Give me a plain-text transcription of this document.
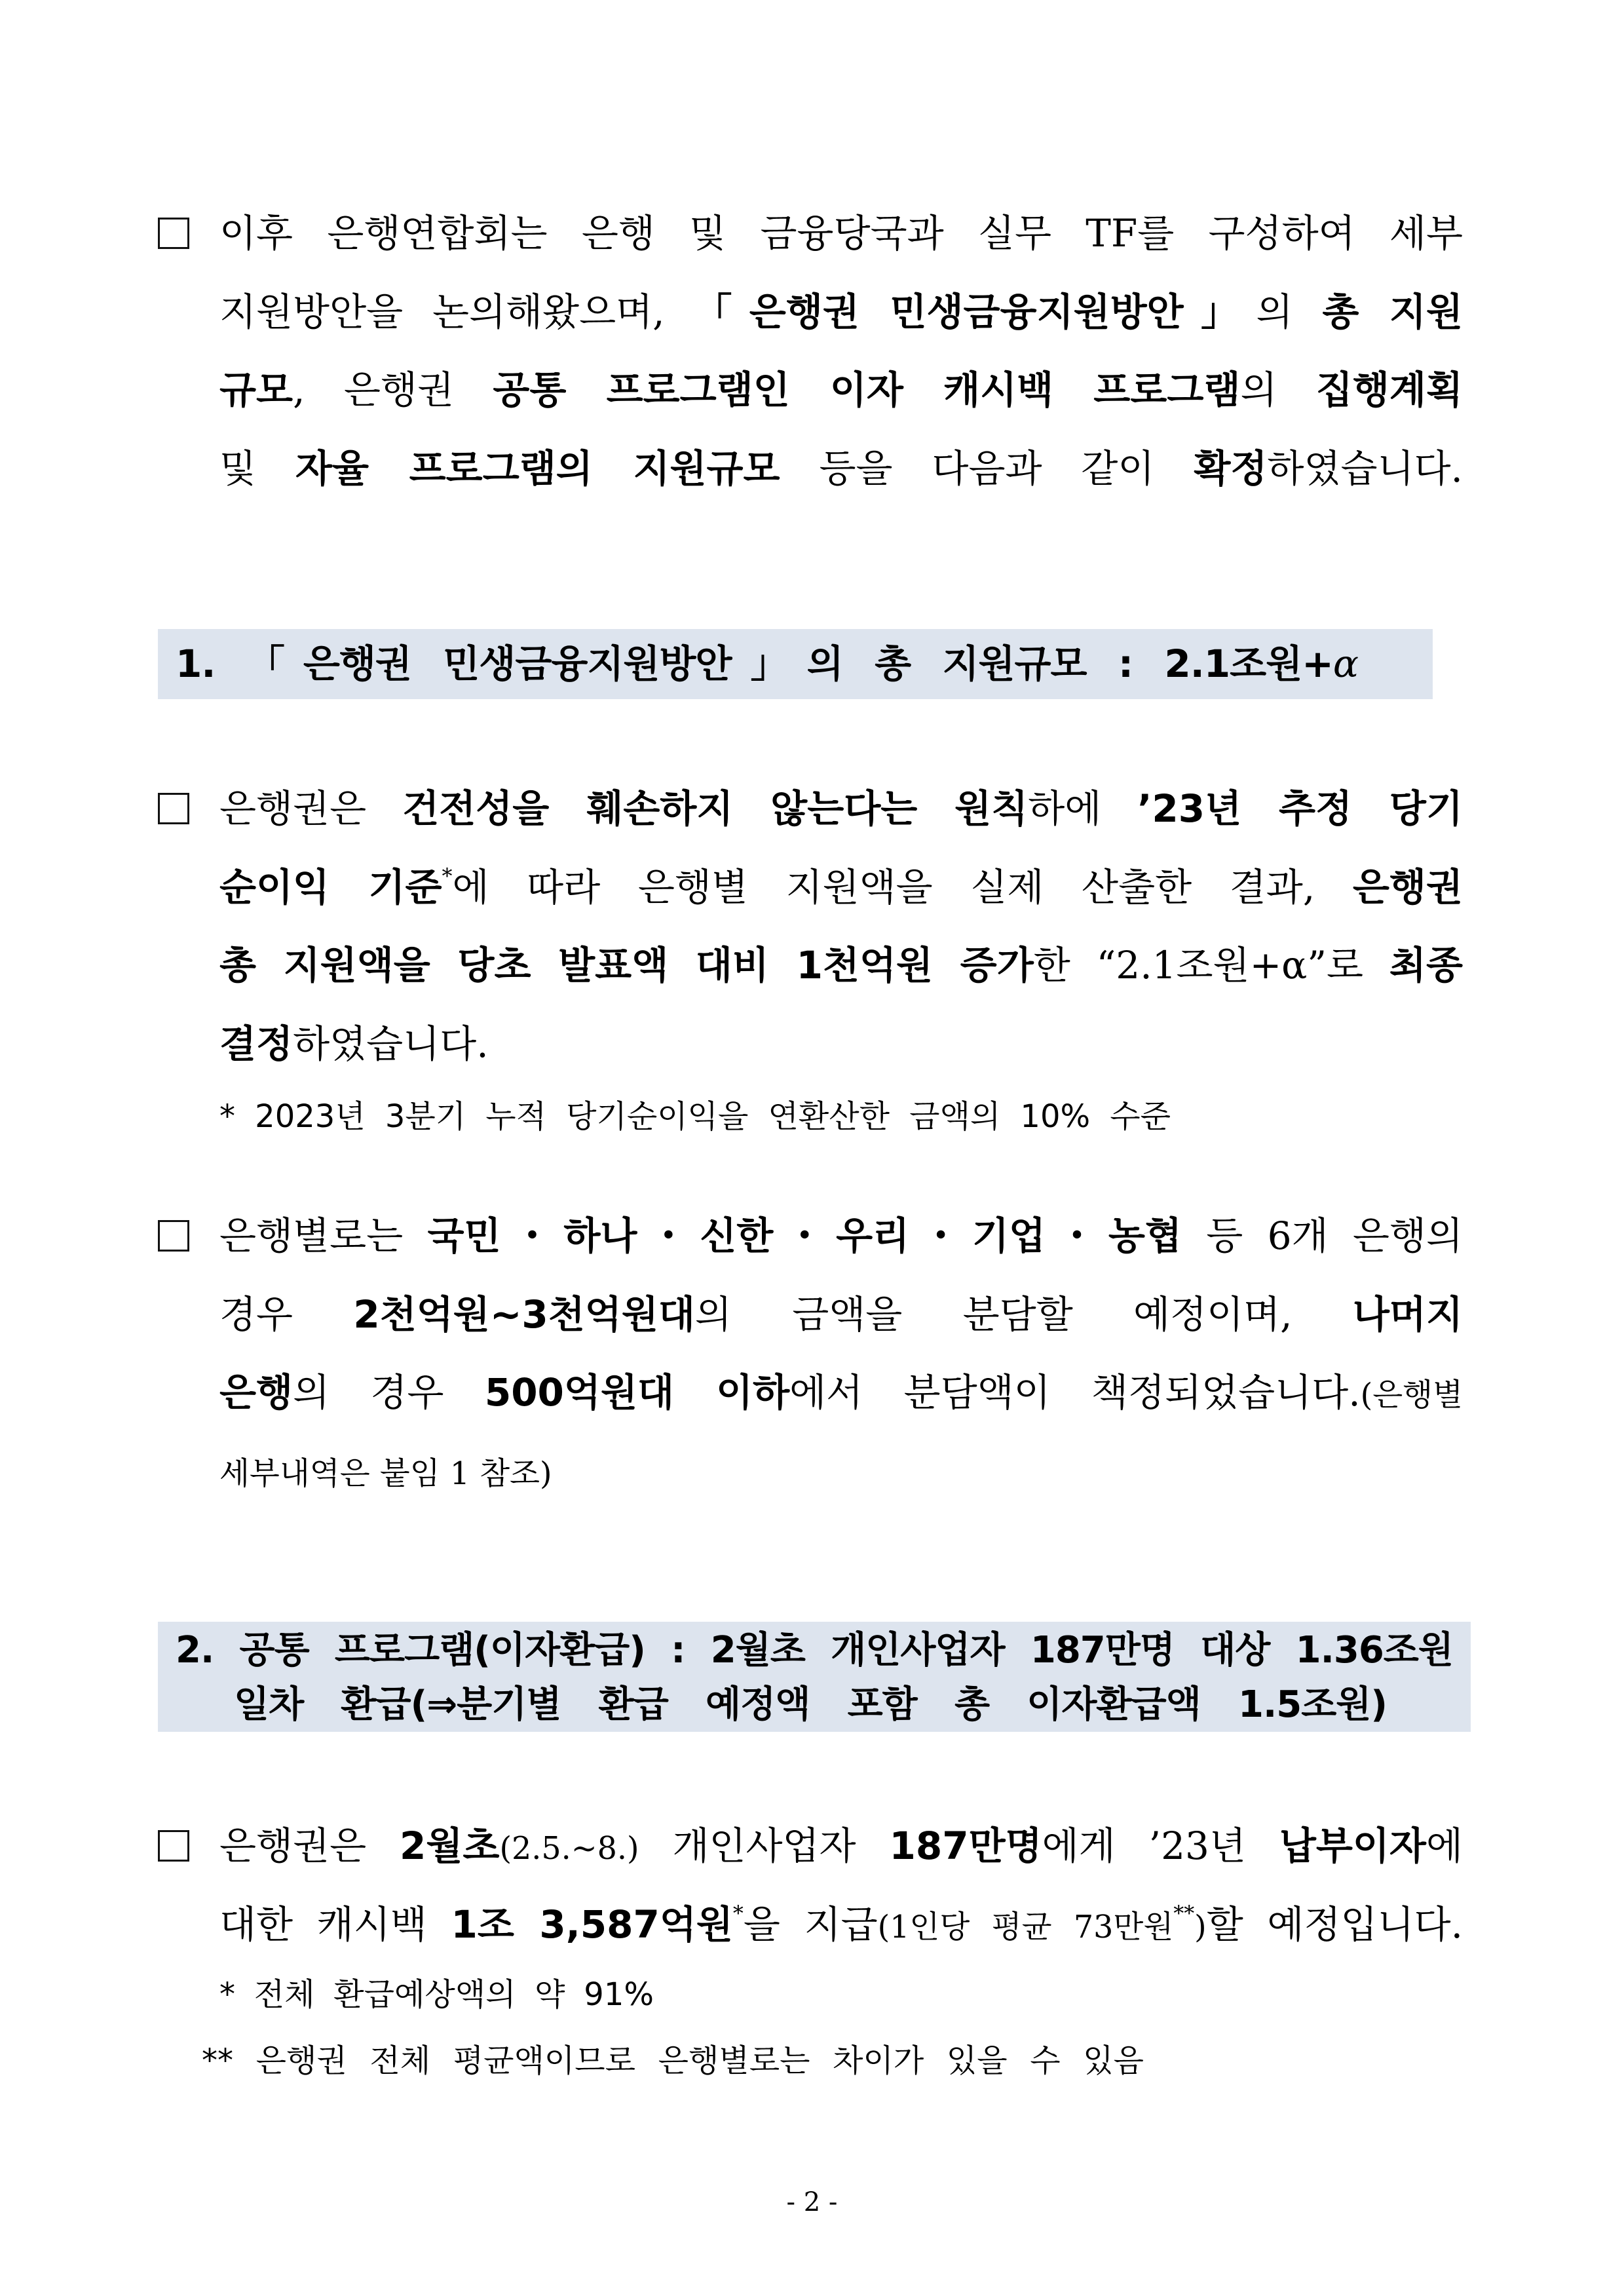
이후 은행연합회는 은행 및 금융당국과 실무 TF를 구성하여 세부
지원방안을 논의해왔으며, 「은행권 민생금융지원방안」의 총 지원
규모, 은행권 공통 프로그램인 이자 캐시백 프로그램의 집행계획
및 자율 프로그램의 지원규모 등을 다음과 같이 확정하였습니다.
1. 「은행권 민생금융지원방안」의 총 지원규모 : 2.1조원+α
은행권은 건전성을 훼손하지 않는다는 원칙하에 ’23년 추정 당기
순이익 기준*에 따라 은행별 지원액을 실제 산출한 결과, 은행권
총 지원액을 당초 발표액 대비 1천억원 증가한 “2.1조원+α”로 최종
결정하였습니다.
* 2023년 3분기 누적 당기순이익을 연환산한 금액의 10% 수준
은행별로는 국민・하나・신한・우리・기업・농협 등 6개 은행의
경우 2천억원~3천억원대의 금액을 분담할 예정이며, 나머지
은행의 경우 500억원대 이하에서 분담액이 책정되었습니다.(은행별
세부내역은 붙임 1 참조)
2. 공통 프로그램(이자환급) : 2월초 개인사업자 187만명 대상 1.36조원
일차 환급(⇒분기별 환급 예정액 포함 총 이자환급액 1.5조원)
은행권은 2월초(2.5.~8.) 개인사업자 187만명에게 ’23년 납부이자에
대한 캐시백 1조 3,587억원*을 지급(1인당 평균 73만원**)할 예정입니다.
* 전체 환급예상액의 약 91%
** 은행권 전체 평균액이므로 은행별로는 차이가 있을 수 있음
- 2 -
